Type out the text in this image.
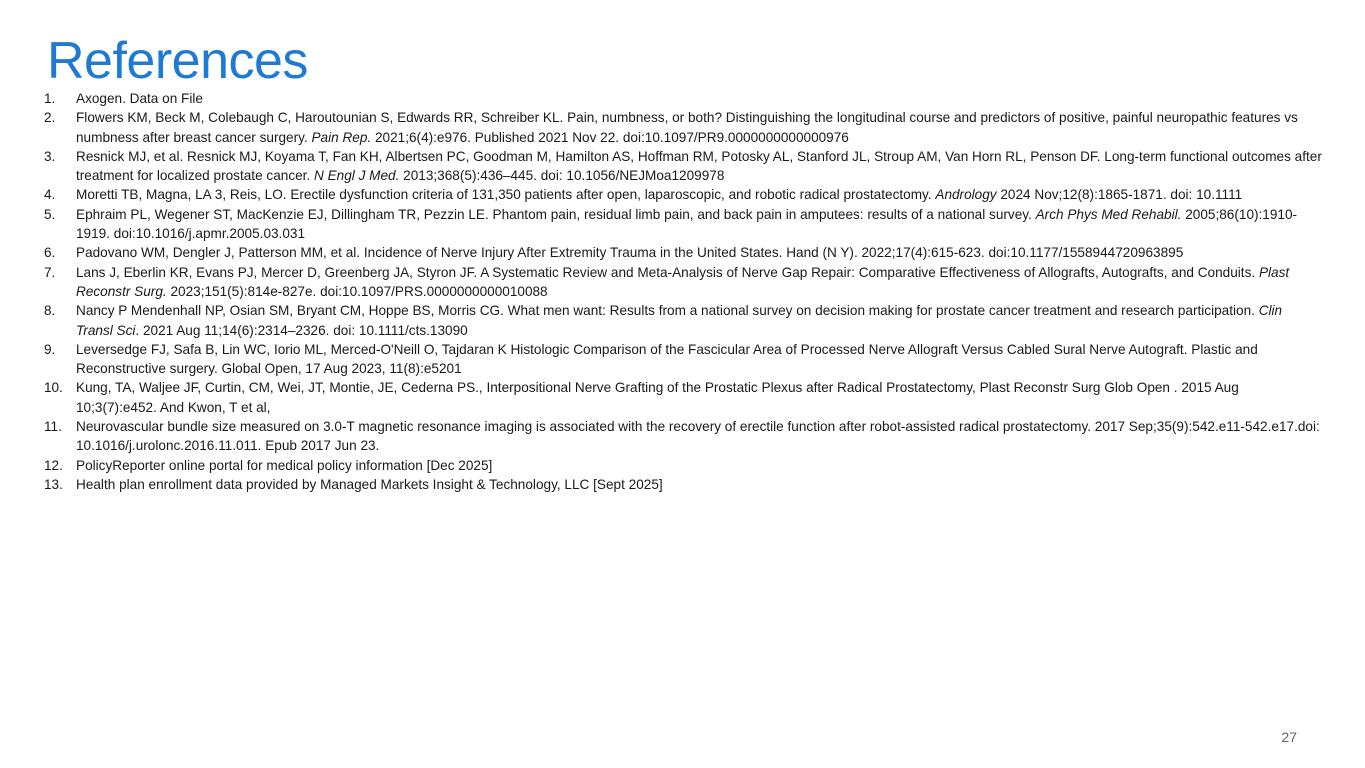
References
1. Axogen. Data on File
2. Flowers KM, Beck M, Colebaugh C, Haroutounian S, Edwards RR, Schreiber KL. Pain, numbness, or both? Distinguishing the longitudinal course and predictors of positive, painful neuropathic features vs numbness after breast cancer surgery. Pain Rep. 2021;6(4):e976. Published 2021 Nov 22. doi:10.1097/PR9.0000000000000976
3. Resnick MJ, et al. Resnick MJ, Koyama T, Fan KH, Albertsen PC, Goodman M, Hamilton AS, Hoffman RM, Potosky AL, Stanford JL, Stroup AM, Van Horn RL, Penson DF. Long-term functional outcomes after treatment for localized prostate cancer. N Engl J Med. 2013;368(5):436–445. doi: 10.1056/NEJMoa1209978
4. Moretti TB, Magna, LA 3, Reis, LO. Erectile dysfunction criteria of 131,350 patients after open, laparoscopic, and robotic radical prostatectomy. Andrology 2024 Nov;12(8):1865-1871. doi: 10.1111
5. Ephraim PL, Wegener ST, MacKenzie EJ, Dillingham TR, Pezzin LE. Phantom pain, residual limb pain, and back pain in amputees: results of a national survey. Arch Phys Med Rehabil. 2005;86(10):1910-1919. doi:10.1016/j.apmr.2005.03.031
6. Padovano WM, Dengler J, Patterson MM, et al. Incidence of Nerve Injury After Extremity Trauma in the United States. Hand (N Y). 2022;17(4):615-623. doi:10.1177/1558944720963895
7. Lans J, Eberlin KR, Evans PJ, Mercer D, Greenberg JA, Styron JF. A Systematic Review and Meta-Analysis of Nerve Gap Repair: Comparative Effectiveness of Allografts, Autografts, and Conduits. Plast Reconstr Surg. 2023;151(5):814e-827e. doi:10.1097/PRS.0000000000010088
8. Nancy P Mendenhall NP, Osian SM, Bryant CM, Hoppe BS, Morris CG. What men want: Results from a national survey on decision making for prostate cancer treatment and research participation. Clin Transl Sci. 2021 Aug 11;14(6):2314–2326. doi: 10.1111/cts.13090
9. Leversedge FJ, Safa B, Lin WC, Iorio ML, Merced-O'Neill O, Tajdaran K Histologic Comparison of the Fascicular Area of Processed Nerve Allograft Versus Cabled Sural Nerve Autograft. Plastic and Reconstructive surgery. Global Open, 17 Aug 2023, 11(8):e5201
10. Kung, TA, Waljee JF, Curtin, CM, Wei, JT, Montie, JE, Cederna PS., Interpositional Nerve Grafting of the Prostatic Plexus after Radical Prostatectomy, Plast Reconstr Surg Glob Open . 2015 Aug 10;3(7):e452. And Kwon, T et al,
11. Neurovascular bundle size measured on 3.0-T magnetic resonance imaging is associated with the recovery of erectile function after robot-assisted radical prostatectomy. 2017 Sep;35(9):542.e11-542.e17.doi: 10.1016/j.urolonc.2016.11.011. Epub 2017 Jun 23.
12. PolicyReporter online portal for medical policy information [Dec 2025]
13. Health plan enrollment data provided by Managed Markets Insight & Technology, LLC [Sept 2025]
27
